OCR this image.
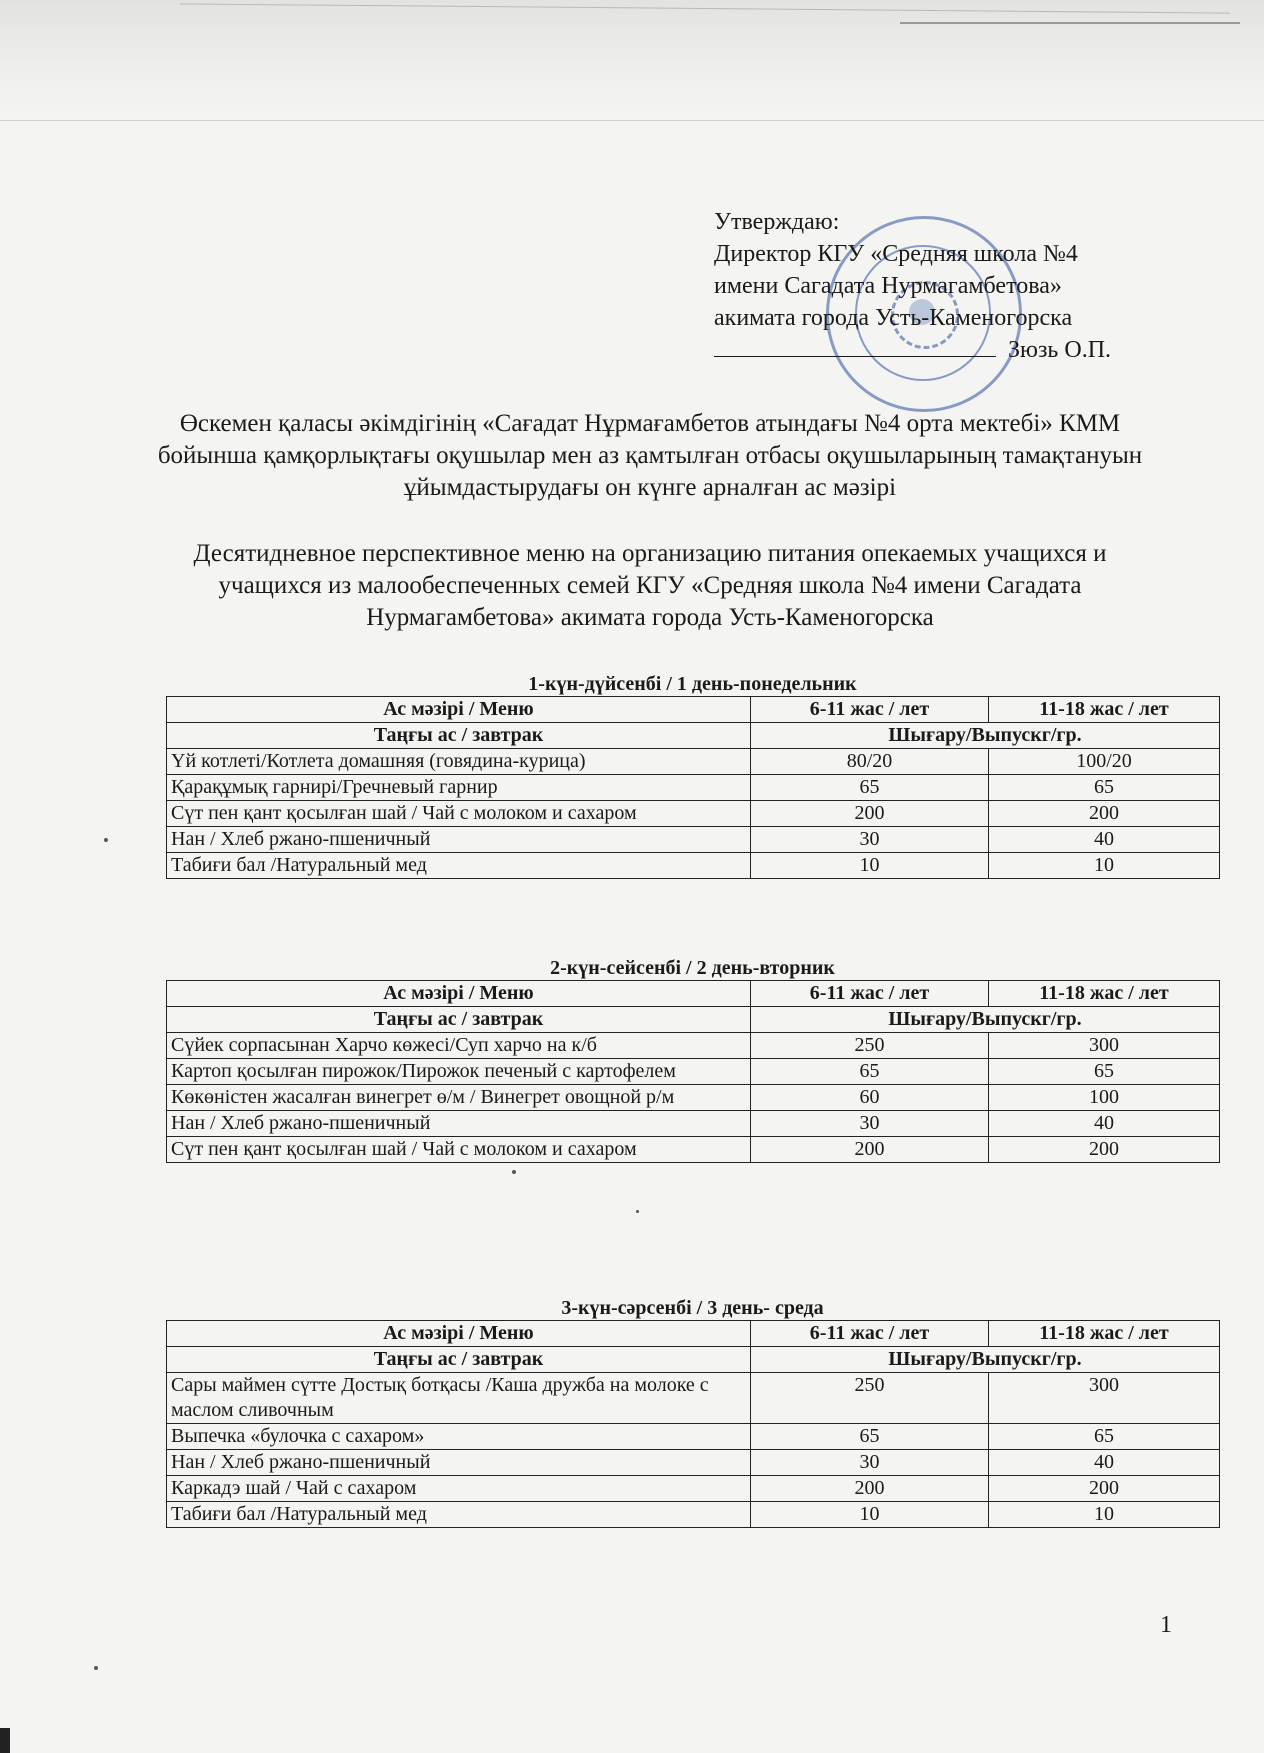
Утверждаю:
Директор КГУ «Средняя школа №4
имени Сагадата Нурмагамбетова»
акимата города Усть-Каменогорска
Зюзь О.П.
Өскемен қаласы әкімдігінің «Сағадат Нұрмағамбетов атындағы №4 орта мектебі» КММ бойынша қамқорлықтағы оқушылар мен аз қамтылған отбасы оқушыларының тамақтануын ұйымдастырудағы он күнге арналған ас мәзірі
Десятидневное перспективное меню на организацию питания опекаемых учащихся и учащихся из малообеспеченных семей КГУ «Средняя школа №4 имени Сагадата Нурмагамбетова» акимата города Усть-Каменогорска
1-күн-дүйсенбі / 1 день-понедельник
Ас мәзірі / Меню	6-11 жас / лет	11-18 жас / лет
Таңғы ас / завтрак	Шығару/Выпускг/гр.	
Үй котлеті/Котлета домашняя (говядина-курица)	80/20	100/20
Қарақұмық гарнирі/Гречневый гарнир	65	65
Сүт пен қант қосылған шай / Чай с молоком и сахаром	200	200
Нан / Хлеб ржано-пшеничный	30	40
Табиғи бал /Натуральный мед	10	10
2-күн-сейсенбі / 2 день-вторник
Ас мәзірі / Меню	6-11 жас / лет	11-18 жас / лет
Таңғы ас / завтрак	Шығару/Выпускг/гр.	
Сүйек сорпасынан Харчо көжесі/Суп харчо на к/б	250	300
Картоп қосылған пирожок/Пирожок печеный с картофелем	65	65
Көкөністен жасалған винегрет ө/м / Винегрет овощной р/м	60	100
Нан / Хлеб ржано-пшеничный	30	40
Сүт пен қант қосылған шай / Чай с молоком и сахаром	200	200
3-күн-сәрсенбі / 3 день- среда
Ас мәзірі / Меню	6-11 жас / лет	11-18 жас / лет
Таңғы ас / завтрак	Шығару/Выпускг/гр.	
Сары маймен сүтте Достық ботқасы /Каша дружба на молоке с маслом сливочным	250	300
Выпечка «булочка с сахаром»	65	65
Нан / Хлеб ржано-пшеничный	30	40
Каркадэ шай / Чай с сахаром	200	200
Табиғи бал /Натуральный мед	10	10
1
